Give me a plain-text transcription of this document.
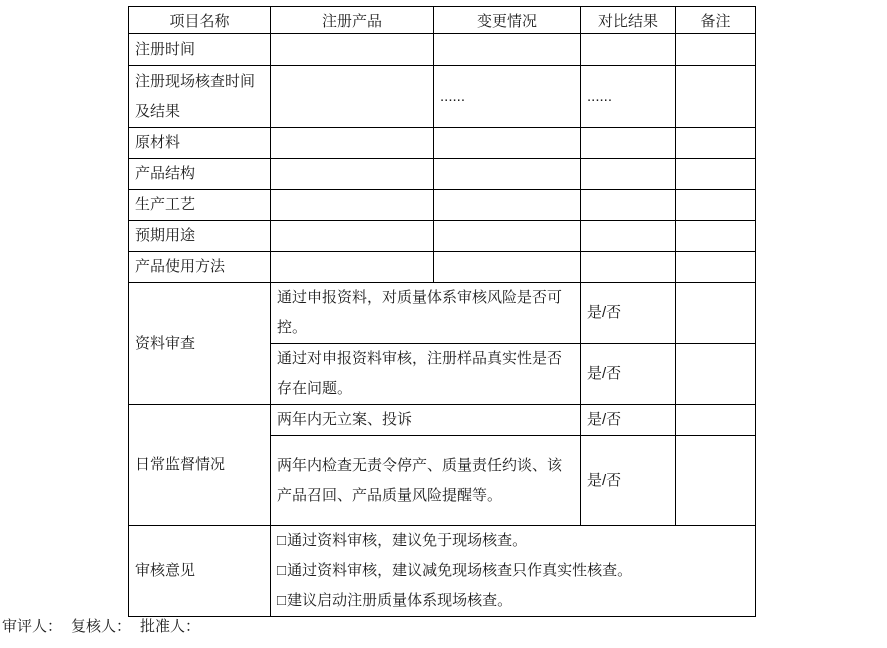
项目名称	注册产品	变更情况	对比结果	备注
注册时间				
注册现场核查时间及结果		......	......	
原材料				
产品结构				
生产工艺				
预期用途				
产品使用方法				
资料审查	通过申报资料，对质量体系审核风险是否可控。		是/否	
	通过对申报资料审核，注册样品真实性是否存在问题。		是/否	
日常监督情况	两年内无立案、投诉		是/否	
	两年内检查无责令停产、质量责任约谈、该产品召回、产品质量风险提醒等。		是/否	
审核意见	□通过资料审核，建议免于现场核查。
□通过资料审核，建议减免现场核查只作真实性核查。
□建议启动注册质量体系现场核查。			
审评人： 复核人： 批准人：
